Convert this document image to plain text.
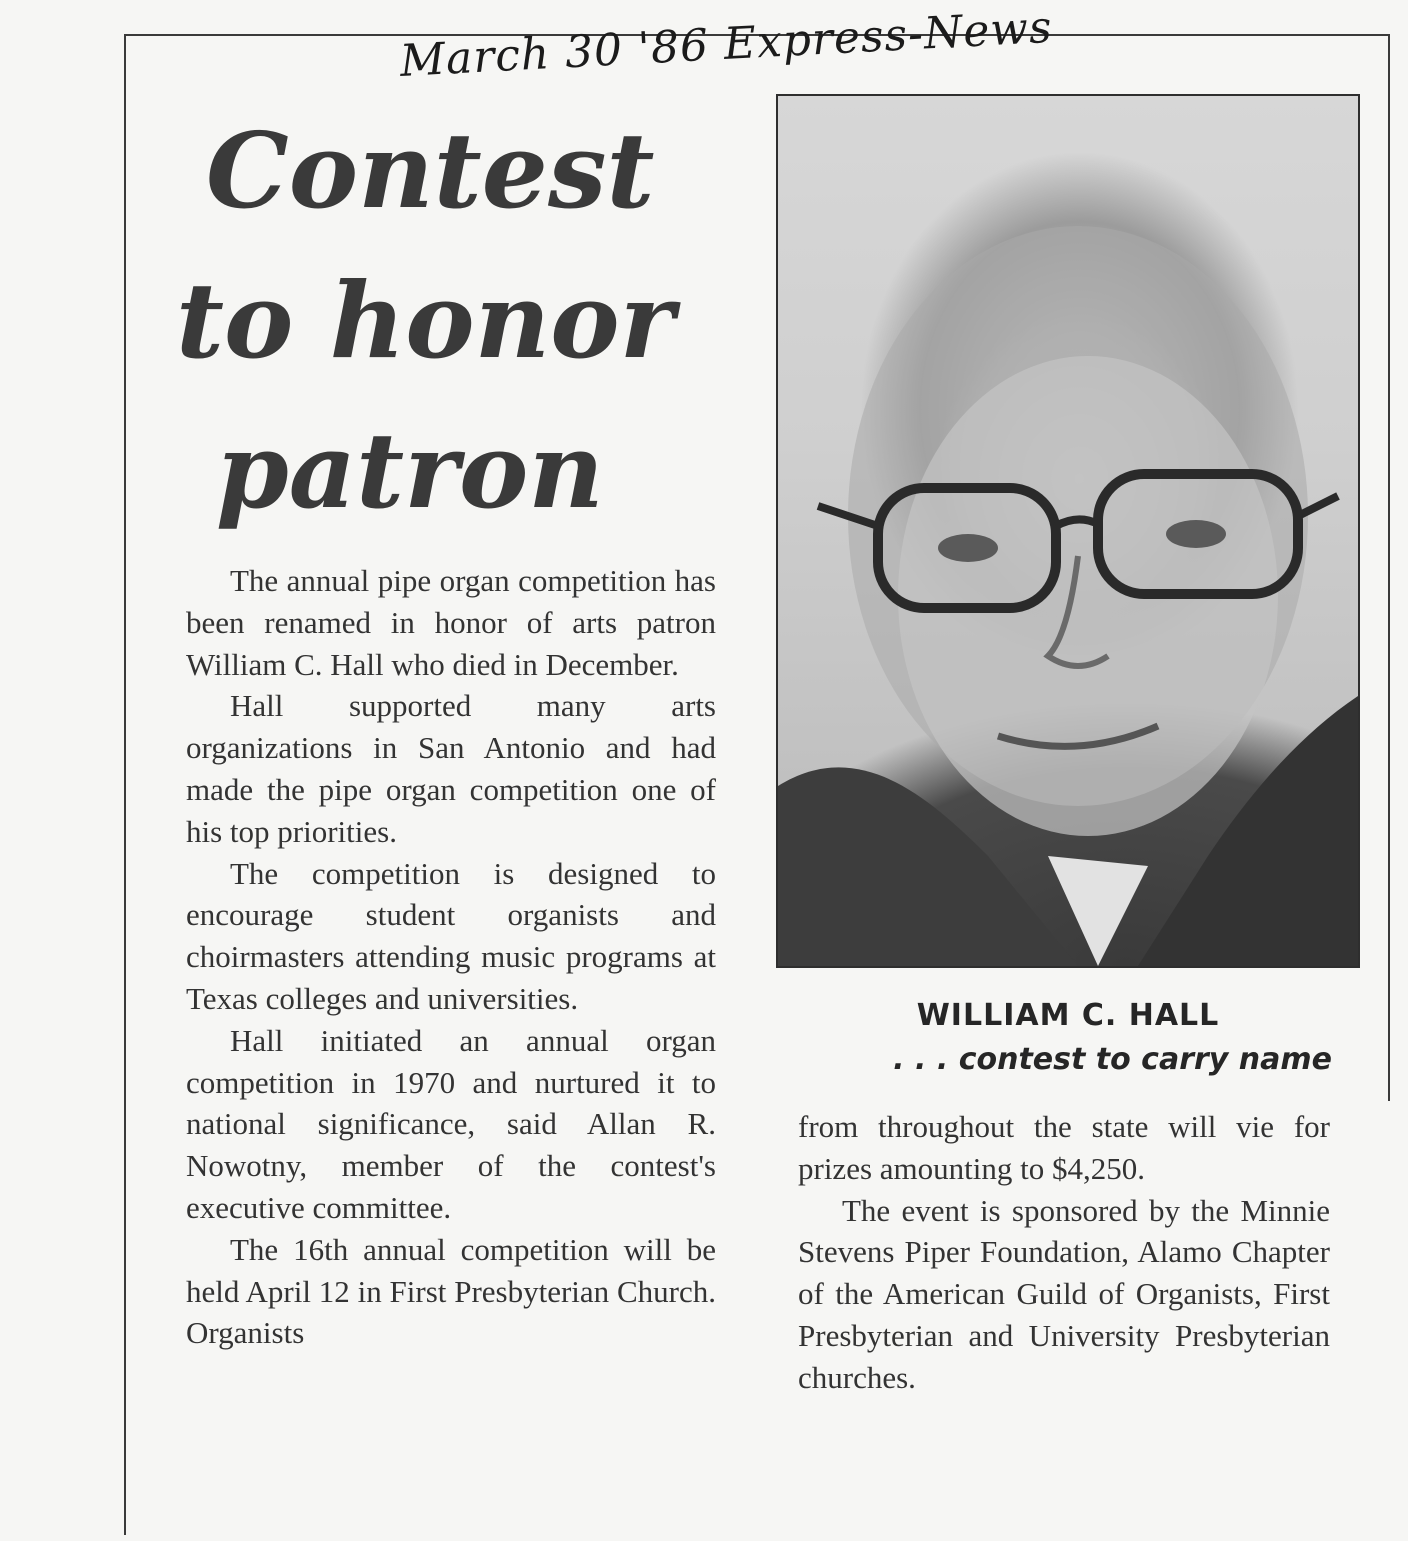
March 30 '86 Express-News
Contest
to honor
patron
WILLIAM C. HALL
. . . contest to carry name

The annual pipe organ competition has been renamed in honor of arts patron William C. Hall who died in December.

Hall supported many arts organizations in San Antonio and had made the pipe organ competition one of his top priorities.

The competition is designed to encourage student organists and choirmasters attending music programs at Texas colleges and universities.

Hall initiated an annual organ competition in 1970 and nurtured it to national significance, said Allan R. Nowotny, member of the contest's executive committee.

The 16th annual competition will be held April 12 in First Presbyterian Church. Organists

from throughout the state will vie for prizes amounting to $4,250.

The event is sponsored by the Minnie Stevens Piper Foundation, Alamo Chapter of the American Guild of Organists, First Presbyterian and University Presbyterian churches.
